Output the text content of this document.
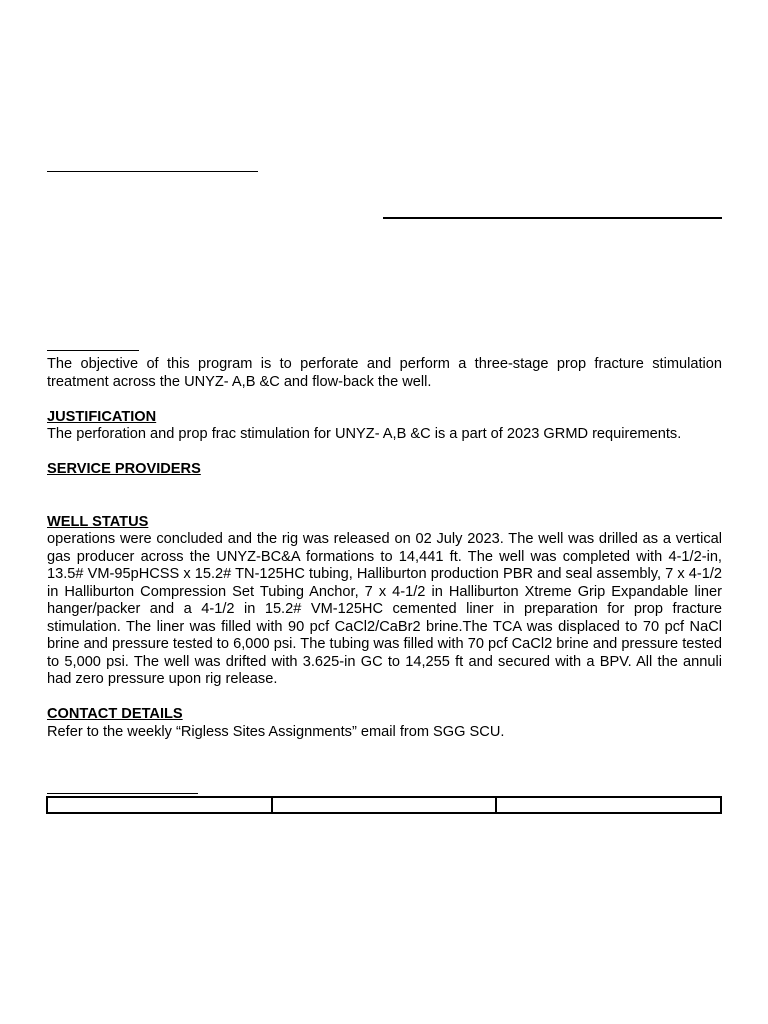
The objective of this program is to perforate and perform a three-stage prop fracture stimulation treatment across the UNYZ- A,B &C and flow-back the well.

JUSTIFICATION

The perforation and prop frac stimulation for UNYZ- A,B &C is a part of 2023 GRMD requirements.

SERVICE PROVIDERS

WELL STATUS

operations were concluded and the rig was released on 02 July 2023. The well was drilled as a vertical gas producer across the UNYZ-BC&A formations to 14,441 ft. The well was completed with 4-1/2-in, 13.5# VM-95pHCSS x 15.2# TN-125HC tubing, Halliburton production PBR and seal assembly, 7 x 4-1/2 in Halliburton Compression Set Tubing Anchor, 7 x 4-1/2 in Halliburton Xtreme Grip Expandable liner hanger/packer and a 4-1/2 in 15.2# VM-125HC cemented liner in preparation for prop fracture stimulation. The liner was filled with 90 pcf CaCl2/CaBr2 brine.The TCA was displaced to 70 pcf NaCl brine and pressure tested to 6,000 psi. The tubing was filled with 70 pcf CaCl2 brine and pressure tested to 5,000 psi. The well was drifted with 3.625-in GC to 14,255 ft and secured with a BPV. All the annuli had zero pressure upon rig release.

CONTACT DETAILS

Refer to the weekly “Rigless Sites Assignments” email from SGG SCU.
